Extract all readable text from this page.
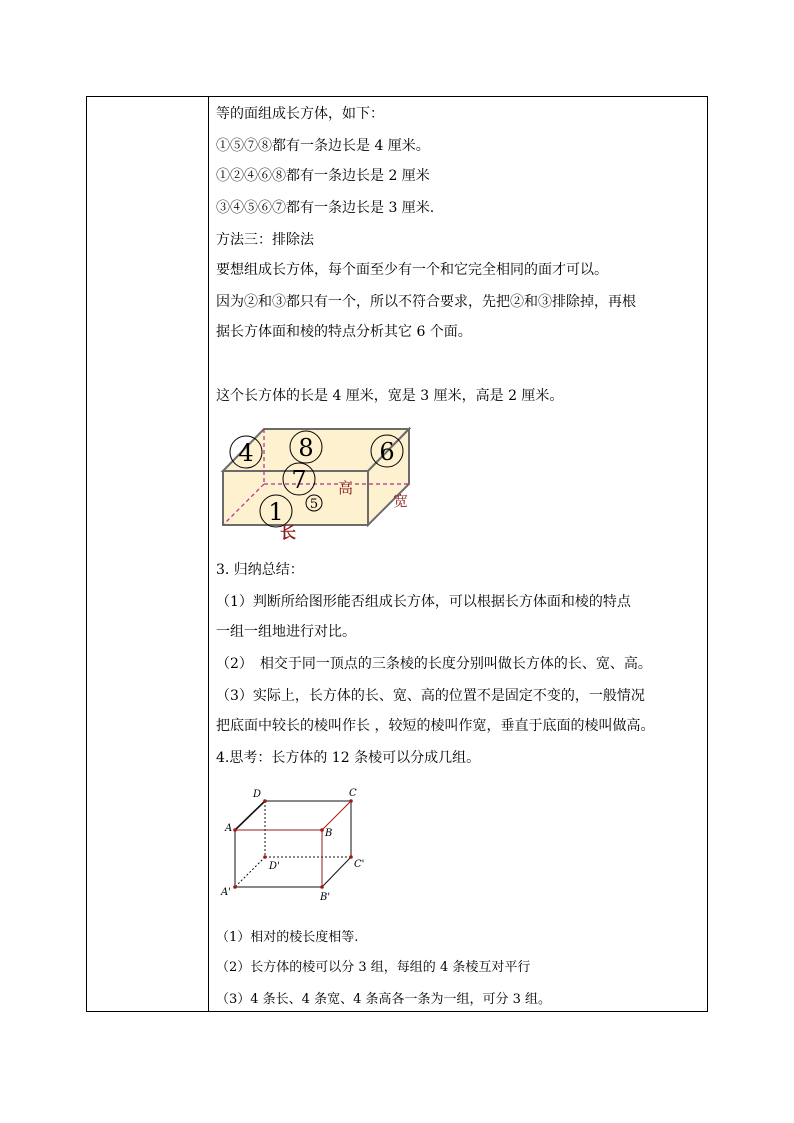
等的面组成长方体，如下：
①⑤⑦⑧都有一条边长是 4 厘米。
①②④⑥⑧都有一条边长是 2 厘米
③④⑤⑥⑦都有一条边长是 3 厘米.
方法三：排除法
要想组成长方体，每个面至少有一个和它完全相同的面才可以。
因为②和③都只有一个，所以不符合要求，先把②和③排除掉，再根
据长方体面和棱的特点分析其它 6 个面。
这个长方体的长是 4 厘米，宽是 3 厘米，高是 2 厘米。
4 8	6
7
1 5
高
宽
长
3. 归纳总结：
（1）判断所给图形能否组成长方体，可以根据长方体面和棱的特点
一组一组地进行对比。
（2）　相交于同一顶点的三条棱的长度分别叫做长方体的长、宽、高。
（3）实际上，长方体的长、宽、高的位置不是固定不变的，一般情况
把底面中较长的棱叫作长 ，较短的棱叫作宽，垂直于底面的棱叫做高。
4.思考：长方体的 12 条棱可以分成几组。
A	B
C
D
A'	B'
C'
D'
（1）相对的棱长度相等.
（2）长方体的棱可以分 3 组，每组的 4 条棱互对平行
（3）4 条长、4 条宽、4 条高各一条为一组，可分 3 组。
